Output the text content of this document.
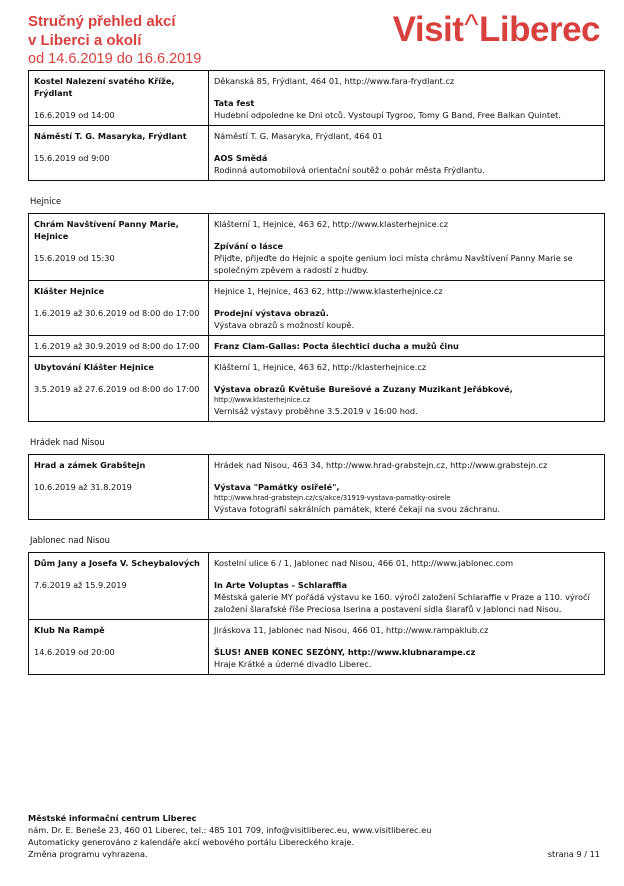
Stručný přehled akcí
v Liberci a okolí
od 14.6.2019 do 16.6.2019
Visit^Liberec
Kostel Nalezení svatého Kříže, Frýdlant
16.6.2019 od 14:00	Děkanská 85, Frýdlant, 464 01, http://www.fara-frydlant.cz
Tata fest
Hudební odpoledne ke Dni otců. Vystoupí Tygroo, Tomy G Band, Free Balkan Quintet.

Náměstí T. G. Masaryka, Frýdlant
15.6.2019 od 9:00	Náměstí T. G. Masaryka, Frýdlant, 464 01
AOS Smědá
Rodinná automobilová orientační soutěž o pohár města Frýdlantu.
Hejnice
Chrám Navštívení Panny Marie, Hejnice
15.6.2019 od 15:30	Klášterní 1, Hejnice, 463 62, http://www.klasterhejnice.cz
Zpívání o lásce
Přijďte, přijeďte do Hejnic a spojte genium loci místa chrámu Navštívení Panny Marie se společným zpěvem a radostí z hudby.

Klášter Hejnice
1.6.2019 až 30.6.2019 od 8:00 do 17:00	Hejnice 1, Hejnice, 463 62, http://www.klasterhejnice.cz
Prodejní výstava obrazů.
Výstava obrazů s možností koupě.

1.6.2019 až 30.9.2019 od 8:00 do 17:00	Franz Clam-Gallas: Pocta šlechtici ducha a mužů činu

Ubytování Klášter Hejnice
3.5.2019 až 27.6.2019 od 8:00 do 17:00	Klášterní 1, Hejnice, 463 62, http://klasterhejnice.cz
Výstava obrazů Květuše Burešové a Zuzany Muzikant Jeřábkové,
http://www.klasterhejnice.cz
Vernisáž výstavy proběhne 3.5.2019 v 16:00 hod.
Hrádek nad Nisou
Hrad a zámek Grabštejn
10.6.2019 až 31.8.2019

Hrádek nad Nisou, 463 34, http://www.hrad-grabstejn.cz, http://www.grabstejn.cz
Výstava "Památky osiřelé",
http://www.hrad-grabstejn.cz/cs/akce/31919-vystava-pamatky-osirele
Výstava fotografií sakrálních památek, které čekají na svou záchranu.
Jablonec nad Nisou
Dům Jany a Josefa V. Scheybalových
7.6.2019 až 15.9.2019	Kostelní ulice 6 / 1, Jablonec nad Nisou, 466 01, http://www.jablonec.com
In Arte Voluptas - Schlaraffia
Městská galerie MY pořádá výstavu ke 160. výročí založení Schlaraffie v Praze a 110. výročí založení šlarafské říše Preciosa Iserina a postavení sídla šlarafů v Jablonci nad Nisou.

Klub Na Rampě
14.6.2019 od 20:00	Jiráskova 11, Jablonec nad Nisou, 466 01, http://www.rampaklub.cz
ŠLUS! ANEB KONEC SEZÓNY, http://www.klubnarampe.cz
Hraje Krátké a úderné divadlo Liberec.
Městské informační centrum Liberec
nám. Dr. E. Beneše 23, 460 01 Liberec, tel.: 485 101 709, info@visitliberec.eu, www.visitliberec.eu
Automaticky generováno z kalendáře akcí webového portálu Libereckého kraje.
Změna programu vyhrazena.	strana 9 / 11
